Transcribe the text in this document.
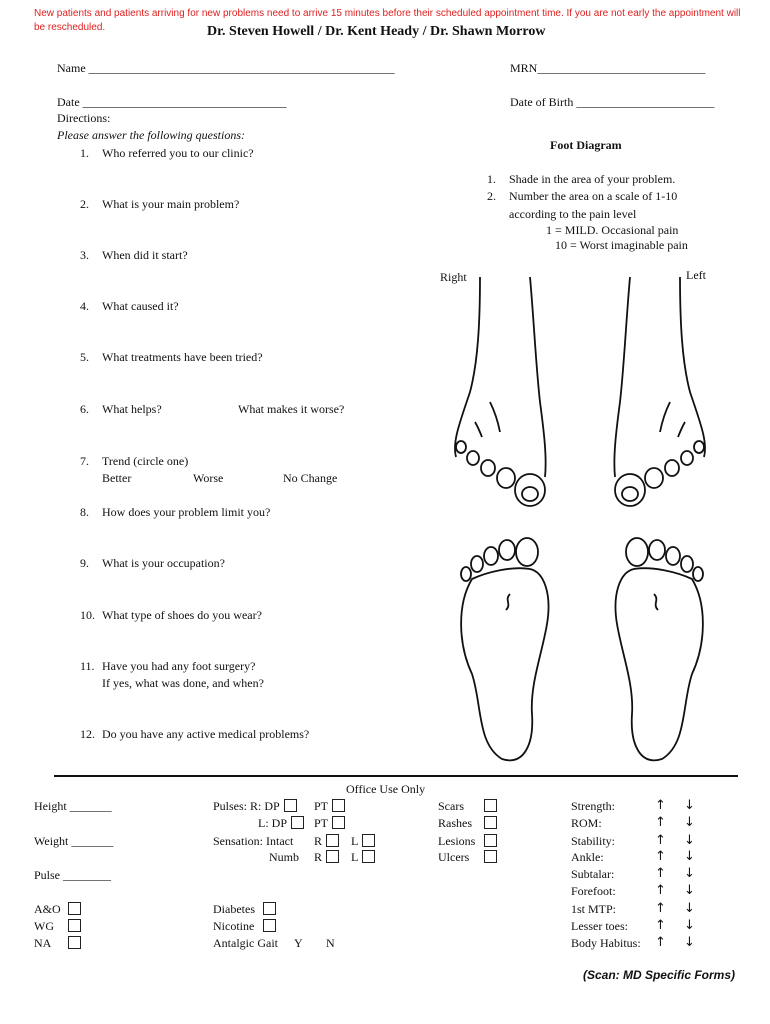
New patients and patients arriving for new problems need to arrive 15 minutes before their scheduled appointment time. If you are not early the appointment will be rescheduled.	Dr. Steven Howell / Dr. Kent Heady / Dr. Shawn Morrow
Name ___________________________________________________	MRN____________________________
Date __________________________________	Date of Birth _______________________
Directions:
Please answer the following questions:
1. Who referred you to our clinic?
2. What is your main problem?
3. When did it start?
4. What caused it?
5. What treatments have been tried?
6. What helps?	What makes it worse?
7. Trend (circle one)
Better	Worse	No Change
8. How does your problem limit you?
9. What is your occupation?
10. What type of shoes do you wear?
11. Have you had any foot surgery?
If yes, what was done, and when?
12. Do you have any active medical problems?
Foot Diagram
1. Shade in the area of your problem.
2. Number the area on a scale of 1-10
according to the pain level
1 = MILD. Occasional pain
10 = Worst imaginable pain
Right	Left
Office Use Only
Height _______
Weight _______
Pulse ________
A&O
WG
NA
Pulses: R: DP	PT
L: DP	PT
Sensation: Intact R	L
Numb R	L
Diabetes
Nicotine
Antalgic Gait Y N
Scars
Rashes
Lesions
Ulcers
Strength:	↑ ↓
ROM:	↑ ↓
Stability:	↑ ↓
Ankle:	↑ ↓
Subtalar:	↑ ↓
Forefoot:	↑ ↓
1st MTP:	↑ ↓
Lesser toes: ↑ ↓
Body Habitus: ↑ ↓
(Scan: MD Specific Forms)
